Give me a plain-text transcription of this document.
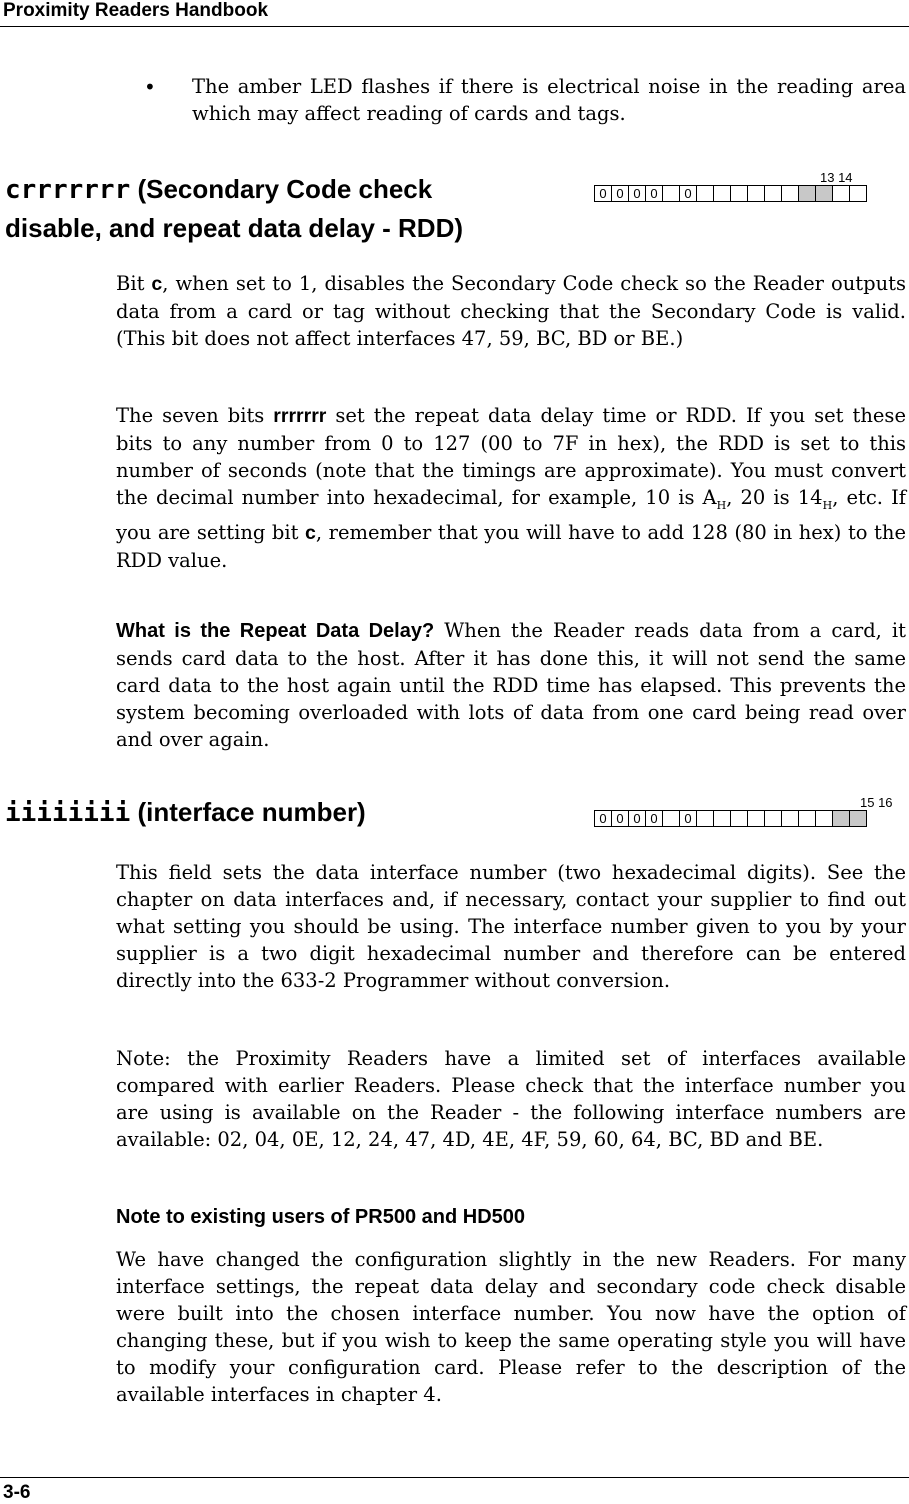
Proximity Readers Handbook
• The amber LED flashes if there is electrical noise in the reading area which may affect reading of cards and tags.
crrrrrrr (Secondary Code check
disable, and repeat data delay - RDD)
13 14
0 0 0 0	0
Bit c, when set to 1, disables the Secondary Code check so the Reader outputs data from a card or tag without checking that the Secondary Code is valid. (This bit does not affect interfaces 47, 59, BC, BD or BE.)
The seven bits rrrrrrr set the repeat data delay time or RDD. If you set these bits to any number from 0 to 127 (00 to 7F in hex), the RDD is set to this number of seconds (note that the timings are approximate). You must convert the decimal number into hexadecimal, for example, 10 is $A_H$, 20 is $14_H$, etc. If you are setting bit c, remember that you will have to add 128 (80 in hex) to the RDD value.
What is the Repeat Data Delay? When the Reader reads data from a card, it sends card data to the host. After it has done this, it will not send the same card data to the host again until the RDD time has elapsed. This prevents the system becoming overloaded with lots of data from one card being read over and over again.
iiiiiiii (interface number)	15 16
0 0 0 0	0
This field sets the data interface number (two hexadecimal digits). See the chapter on data interfaces and, if necessary, contact your supplier to find out what setting you should be using. The interface number given to you by your supplier is a two digit hexadecimal number and therefore can be entered directly into the 633-2 Programmer without conversion.
Note: the Proximity Readers have a limited set of interfaces available compared with earlier Readers. Please check that the interface number you are using is available on the Reader - the following interface numbers are available: 02, 04, 0E, 12, 24, 47, 4D, 4E, 4F, 59, 60, 64, BC, BD and BE.
Note to existing users of PR500 and HD500
We have changed the configuration slightly in the new Readers. For many interface settings, the repeat data delay and secondary code check disable were built into the chosen interface number. You now have the option of changing these, but if you wish to keep the same operating style you will have to modify your configuration card. Please refer to the description of the available interfaces in chapter 4.
3-6
